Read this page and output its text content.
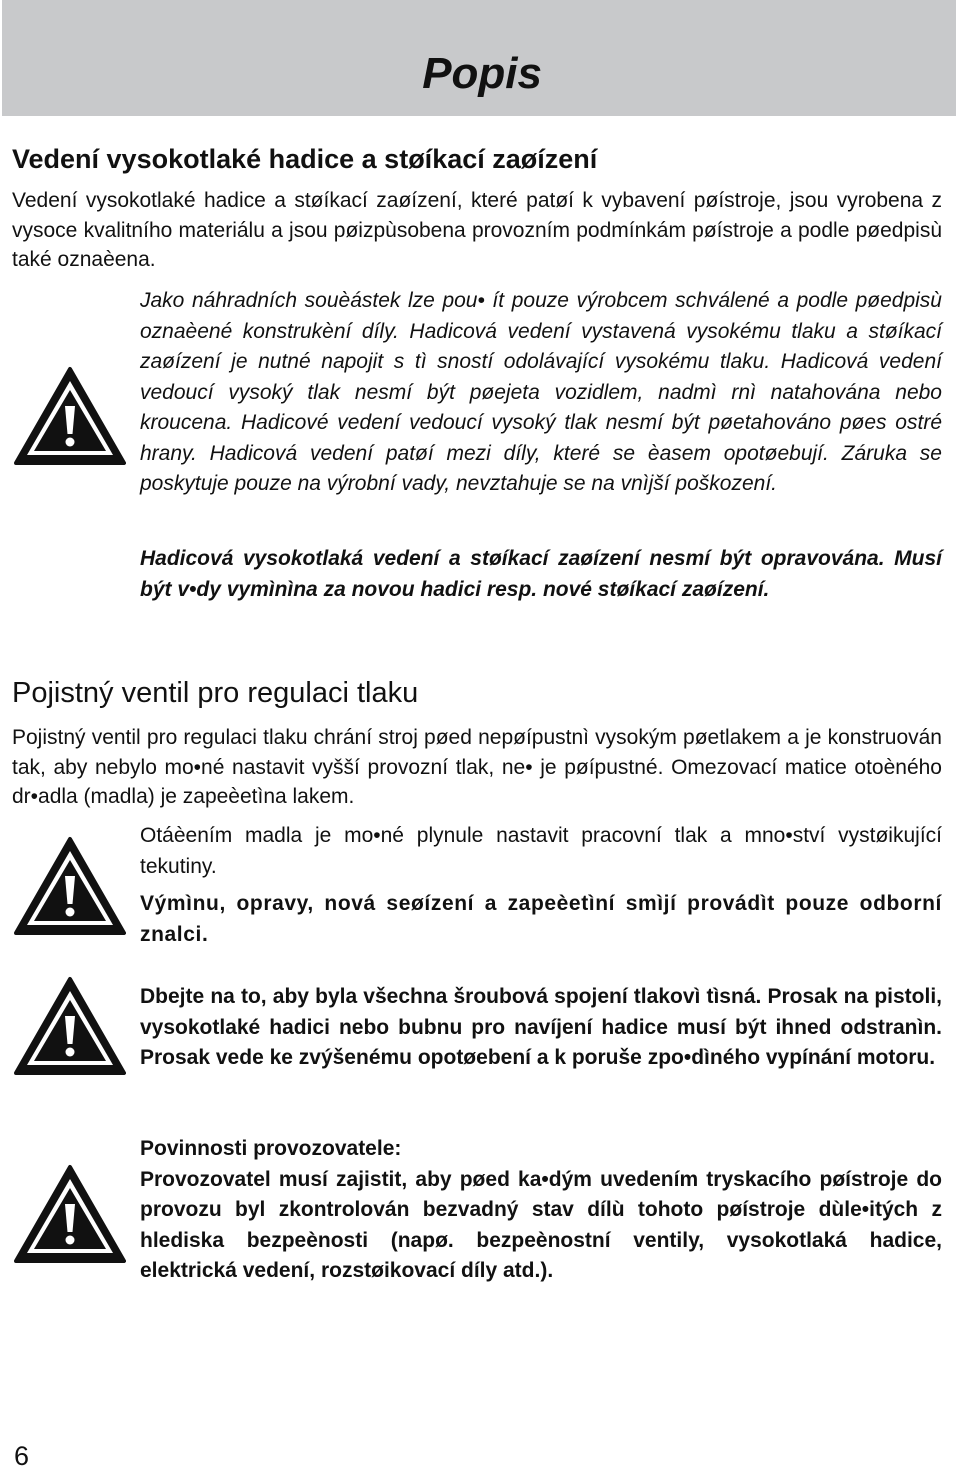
Popis
Vedení vysokotlaké hadice a støíkací zaøízení
Vedení vysokotlaké hadice a støíkací zaøízení, které patøí k vybavení pøístroje, jsou vyrobena z vysoce kvalitního materiálu a jsou pøizpùsobena provozním podmínkám pøístroje a podle pøedpisù také oznaèena.
Jako náhradních souèástek lze pou• ít pouze výrobcem schválené a podle pøedpisù oznaèené konstrukèní díly. Hadicová vedení vystavená vysokému tlaku a støíkací zaøízení je nutné napojit s tì sností odolávající vysokému tlaku. Hadicová vedení vedoucí vysoký tlak nesmí být pøejeta vozidlem, nadmì rnì natahována nebo kroucena. Hadicové vedení vedoucí vysoký tlak nesmí být pøetahováno pøes ostré hrany. Hadicová vedení patøí mezi díly, které se èasem opotøebují. Záruka se poskytuje pouze na výrobní vady, nevztahuje se na vnìjší poškození.
Hadicová vysokotlaká vedení a støíkací zaøízení nesmí být opravována. Musí být v•dy vymìnìna za novou hadici resp. nové støíkací zaøízení.
Pojistný ventil pro regulaci tlaku
Pojistný ventil pro regulaci tlaku chrání stroj pøed nepøípustnì vysokým pøetlakem a je konstruován tak, aby nebylo mo•né nastavit vyšší provozní tlak, ne• je pøípustné. Omezovací matice otoèného dr•adla (madla) je zapeèetìna lakem.
Otáèením madla je mo•né plynule nastavit pracovní tlak a mno•ství vystøikující tekutiny.
Výmìnu, opravy, nová seøízení a zapeèetìní smìjí provádìt pouze odborní znalci.
Dbejte na to, aby byla všechna šroubová spojení tlakovì tìsná. Prosak na pistoli, vysokotlaké hadici nebo bubnu pro navíjení hadice musí být ihned odstranìn. Prosak vede ke zvýšenému opotøebení a k poruše zpo•dìného vypínání motoru.
Povinnosti provozovatele:
Provozovatel musí zajistit, aby pøed ka•dým uvedením tryskacího pøístroje do provozu byl zkontrolován bezvadný stav dílù tohoto pøístroje dùle•itých z hlediska bezpeènosti (napø. bezpeènostní ventily, vysokotlaká hadice, elektrická vedení, rozstøikovací díly atd.).
6
